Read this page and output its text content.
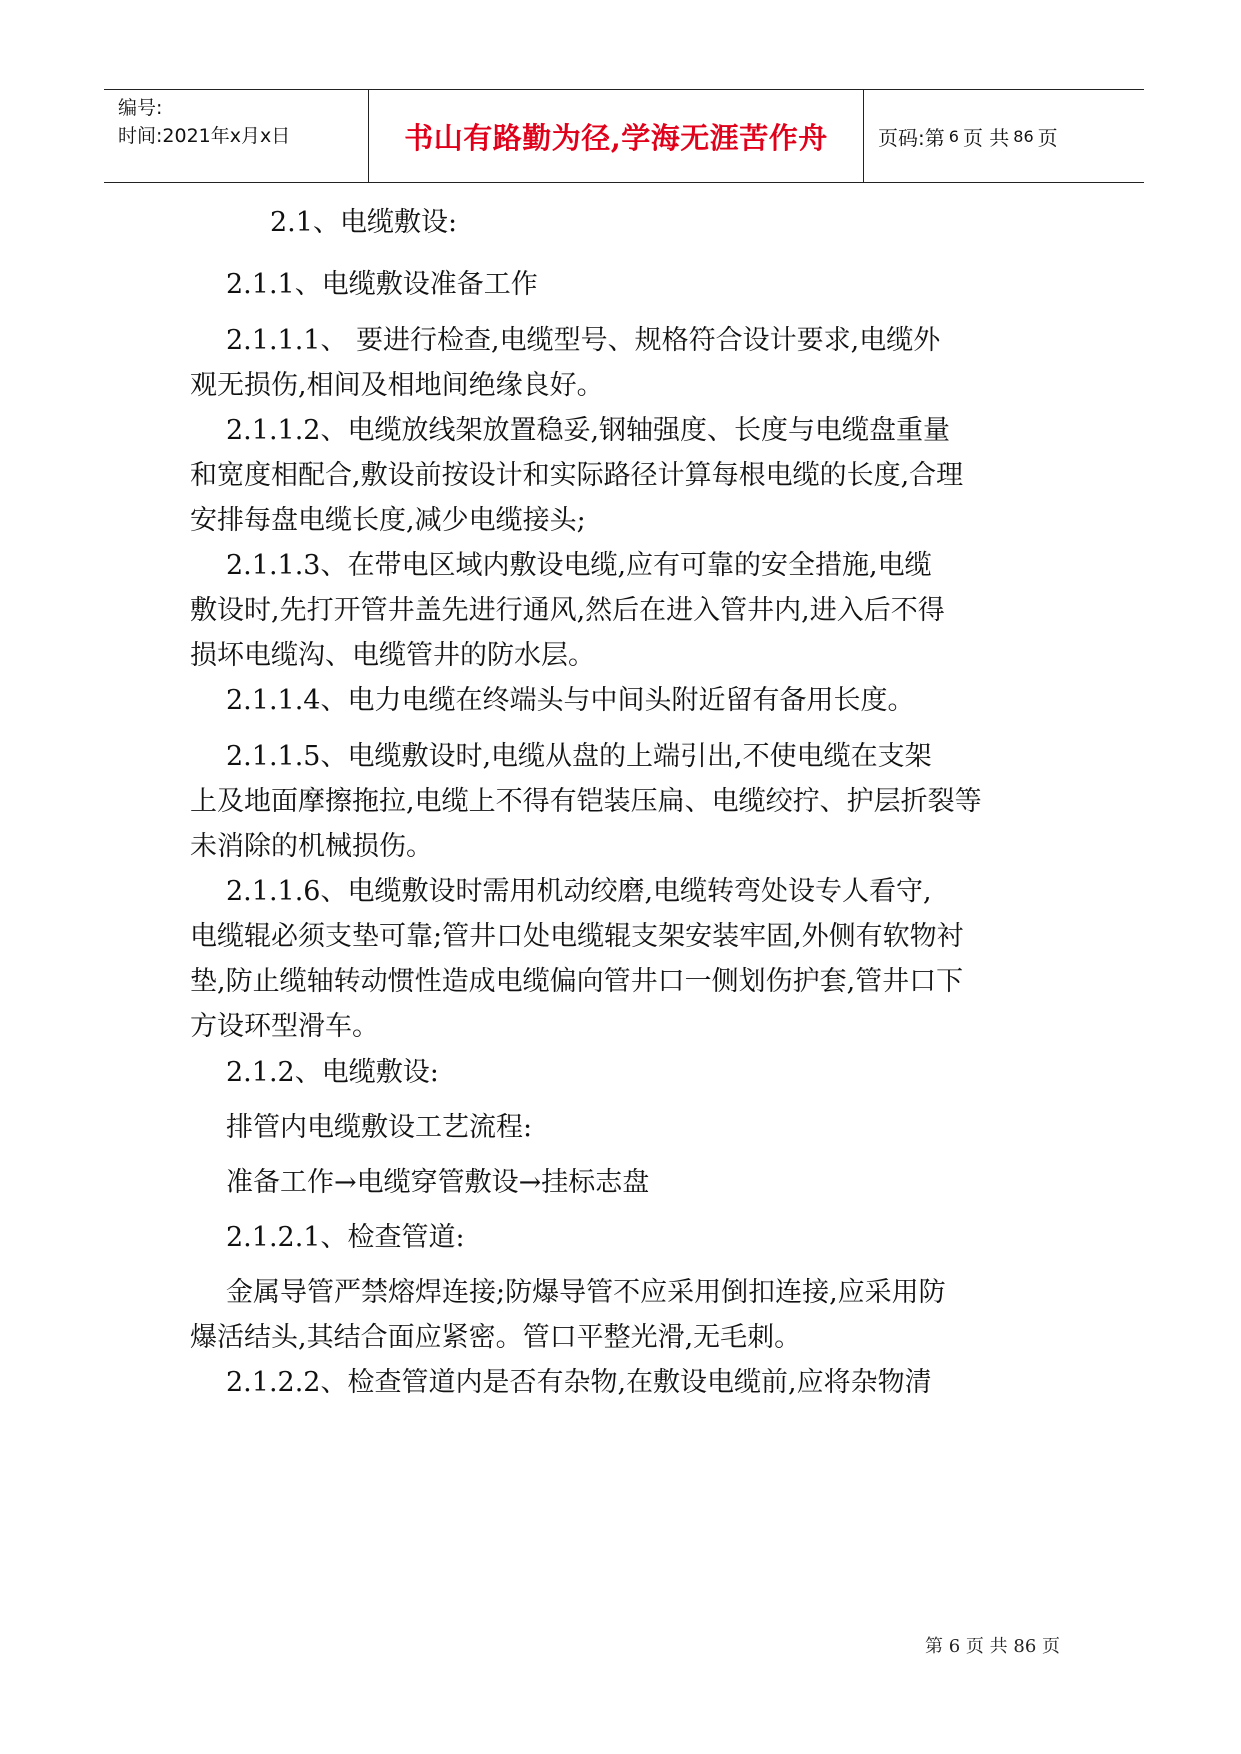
编号:
时间:2021年x月x日	书山有路勤为径,学海无涯苦作舟	页码:第 6 页 共 86 页
2.1、电缆敷设:
2.1.1、电缆敷设准备工作
2.1.1.1、 要进行检查,电缆型号、规格符合设计要求,电缆外
观无损伤,相间及相地间绝缘良好。
2.1.1.2、电缆放线架放置稳妥,钢轴强度、长度与电缆盘重量
和宽度相配合,敷设前按设计和实际路径计算每根电缆的长度,合理
安排每盘电缆长度,减少电缆接头;
2.1.1.3、在带电区域内敷设电缆,应有可靠的安全措施,电缆
敷设时,先打开管井盖先进行通风,然后在进入管井内,进入后不得
损坏电缆沟、电缆管井的防水层。
2.1.1.4、电力电缆在终端头与中间头附近留有备用长度。
2.1.1.5、电缆敷设时,电缆从盘的上端引出,不使电缆在支架
上及地面摩擦拖拉,电缆上不得有铠装压扁、电缆绞拧、护层折裂等
未消除的机械损伤。
2.1.1.6、电缆敷设时需用机动绞磨,电缆转弯处设专人看守,
电缆辊必须支垫可靠;管井口处电缆辊支架安装牢固,外侧有软物衬
垫,防止缆轴转动惯性造成电缆偏向管井口一侧划伤护套,管井口下
方设环型滑车。
2.1.2、电缆敷设:
排管内电缆敷设工艺流程:
准备工作→电缆穿管敷设→挂标志盘
2.1.2.1、检查管道:
金属导管严禁熔焊连接;防爆导管不应采用倒扣连接,应采用防
爆活结头,其结合面应紧密。管口平整光滑,无毛刺。
2.1.2.2、检查管道内是否有杂物,在敷设电缆前,应将杂物清
第 6 页 共 86 页
